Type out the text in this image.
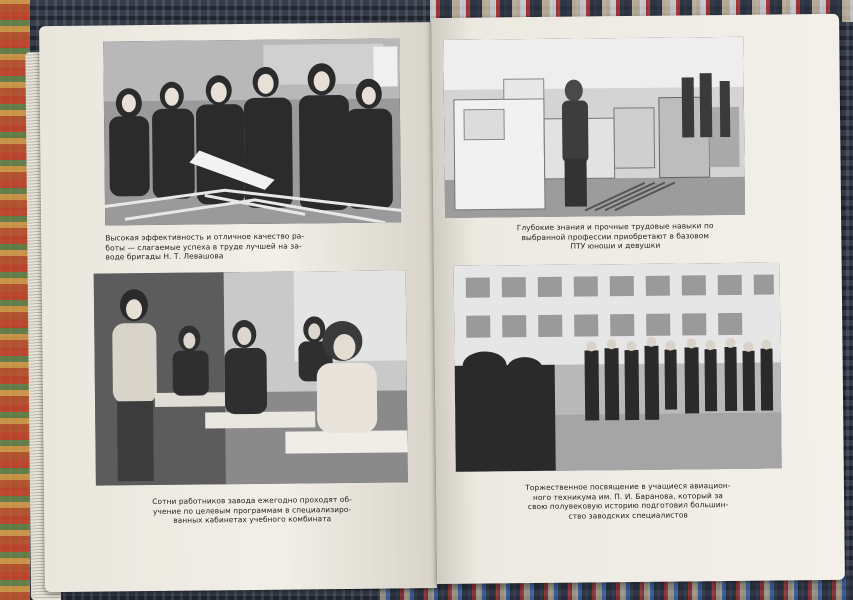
Высокая эффективность и отличное качество ра-
боты — слагаемые успеха в труде лучшей на за-
воде бригады Н. Т. Левашова
Сотни работников завода ежегодно проходят об-
учение по целевым программам в специализиро-
ванных кабинетах учебного комбината
Глубокие знания и прочные трудовые навыки по
выбранной профессии приобретают в базовом
ПТУ юноши и девушки
Торжественное посвящение в учащиеся авиацион-
ного техникума им. П. И. Баранова, который за
свою полувековую историю подготовил большин-
ство заводских специалистов
